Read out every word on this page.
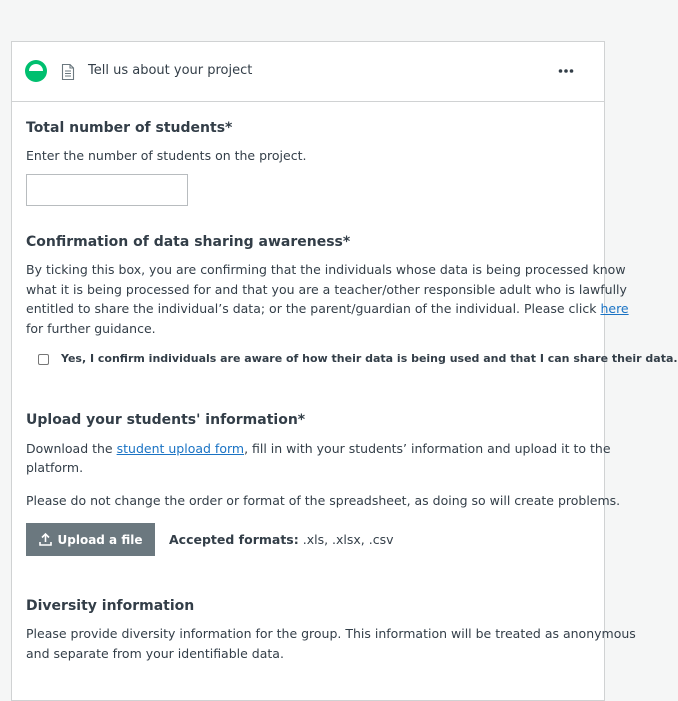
Tell us about your project
Total number of students*
Enter the number of students on the project.
Confirmation of data sharing awareness*
By ticking this box, you are confirming that the individuals whose data is being processed know
what it is being processed for and that you are a teacher/other responsible adult who is lawfully
entitled to share the individual’s data; or the parent/guardian of the individual. Please click here
for further guidance.
Yes, I confirm individuals are aware of how their data is being used and that I can share their data.
Upload your students' information*
Download the student upload form, fill in with your students’ information and upload it to the
platform.
Please do not change the order or format of the spreadsheet, as doing so will create problems.
Upload a file Accepted formats: .xls, .xlsx, .csv
Diversity information
Please provide diversity information for the group. This information will be treated as anonymous
and separate from your identifiable data.
